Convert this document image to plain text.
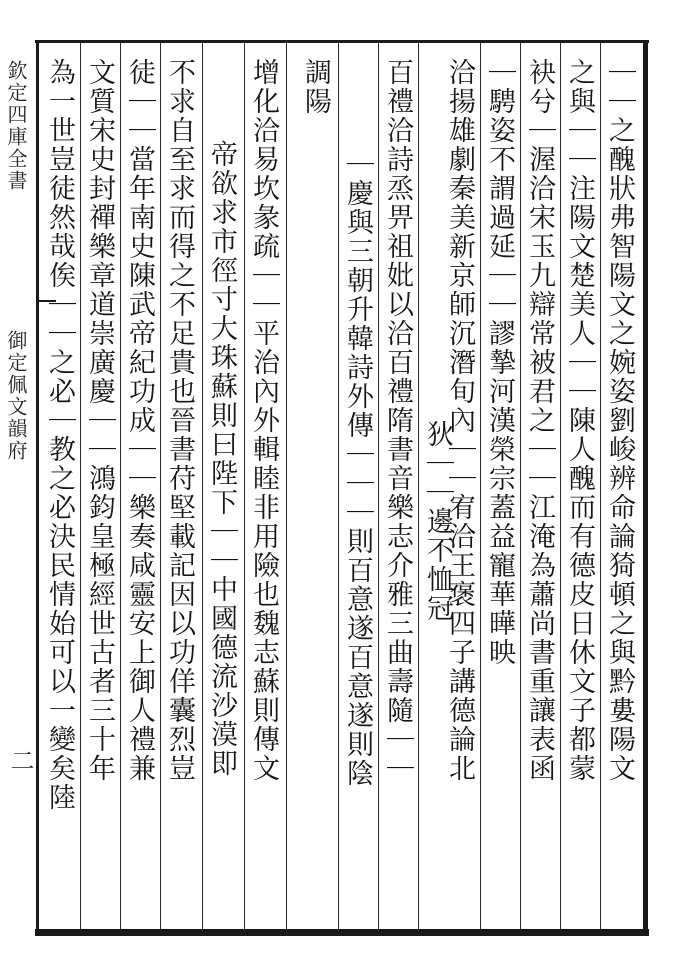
欽定四庫全書
御定佩文韻府
二	｜｜之醜狀弗智陽文之婉姿劉峻辨命論猗頓之與黔婁陽文
之與｜｜注陽文楚美人｜｜陳人醜而有德皮日休文子都蒙
袂兮｜渥洽宋玉九辯常被君之｜｜江淹為蕭尚書重讓表函
｜騁姿不謂過延｜｜謬摯河漢榮宗蓋益寵華曄映
洽揚雄劇秦美新京師沉潛旬內｜｜宥洽王褒四子講德論北
狄｜｜邊不恤冠
百禮洽詩烝畀祖妣以洽百禮隋書音樂志介雅三曲壽隨｜｜
｜慶與三朝升韓詩外傳｜｜｜則百意遂百意遂則陰
調陽
增化洽易坎彖疏｜｜平治內外輯睦非用險也魏志蘇則傳文
帝欲求市徑寸大珠蘇則曰陛下｜｜中國德流沙漠即
不求自至求而得之不足貴也晉書苻堅載記因以功佯囊烈豈
徒｜｜當年南史陳武帝紀功成｜｜樂奏咸靈安上御人禮兼
文質宋史封禪樂章道崇廣慶｜｜鴻鈞皇極經世古者三十年
為一世豈徒然哉俟｜｜之必｜教之必決民情始可以一變矣陸
